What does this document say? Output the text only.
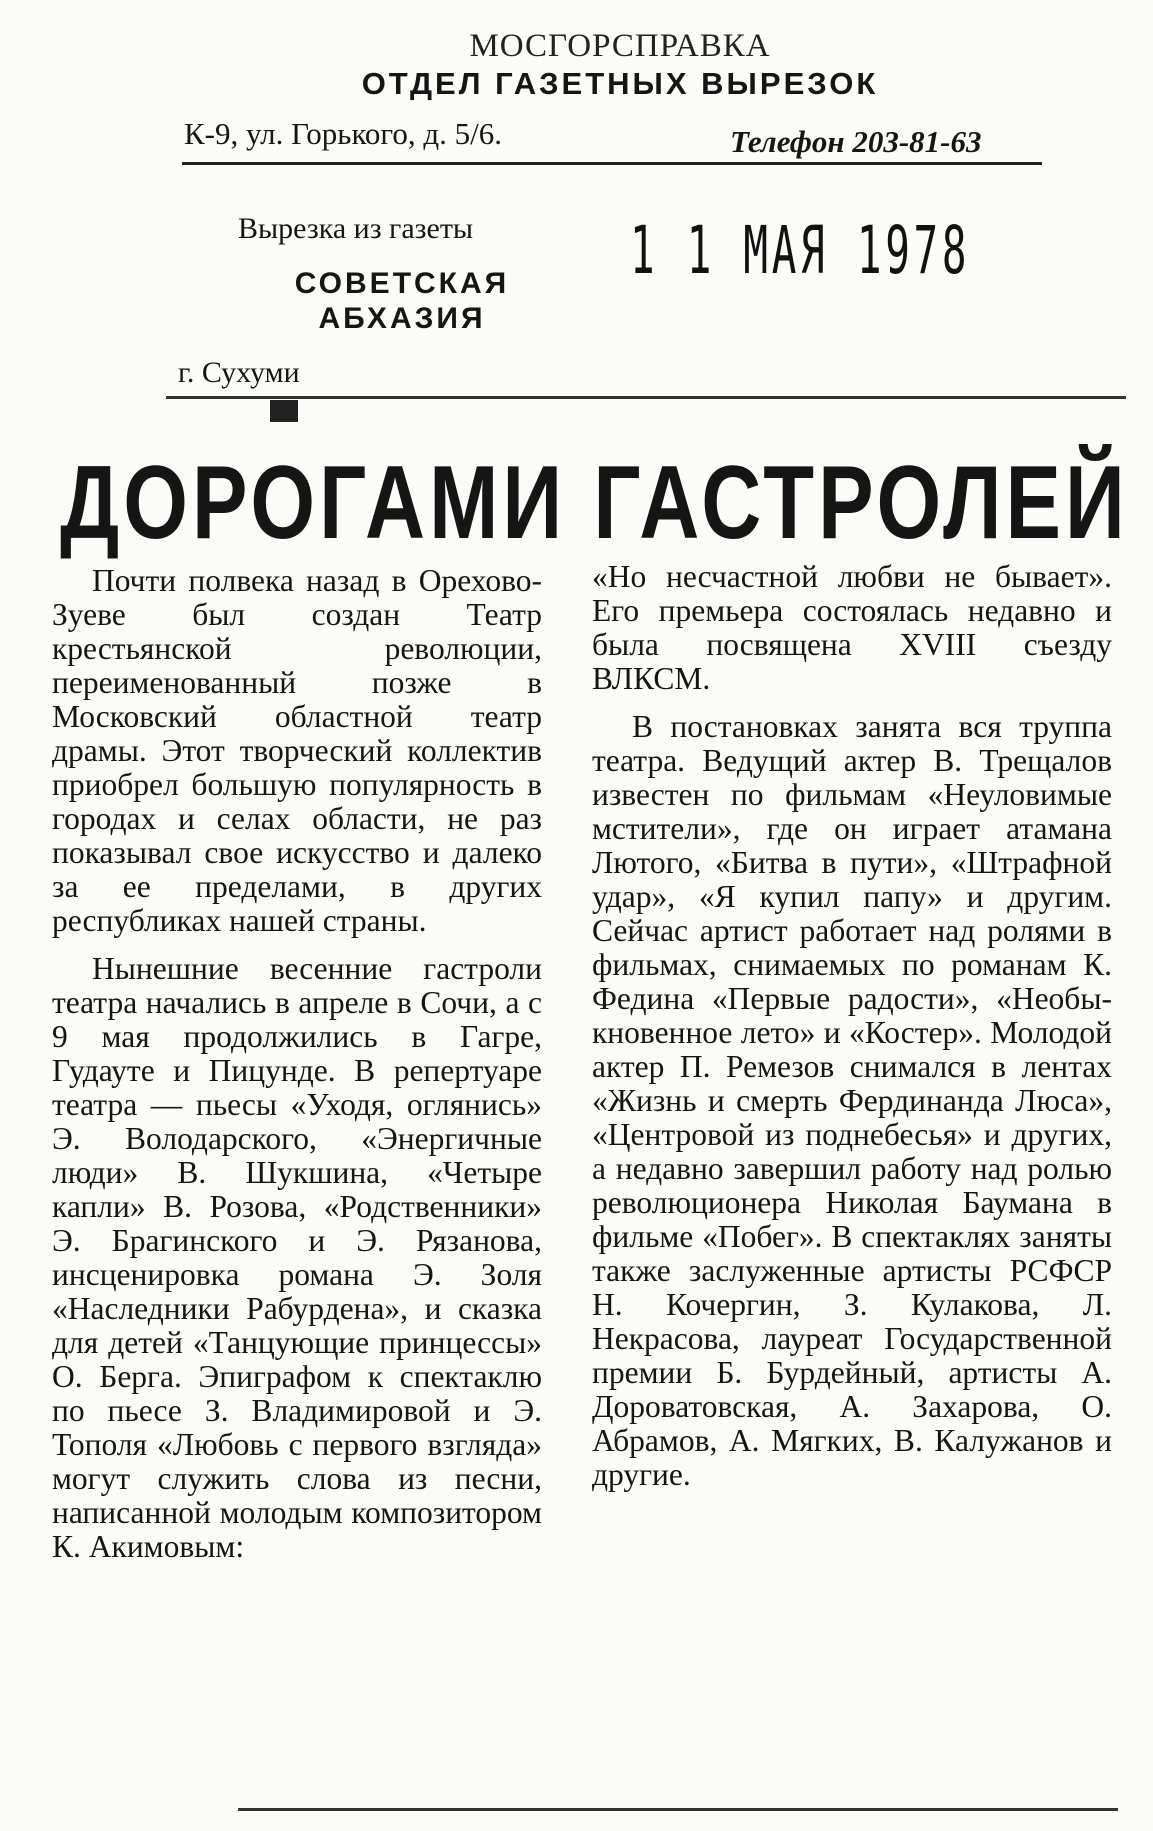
МОСГОРСПРАВКА
ОТДЕЛ ГАЗЕТНЫХ ВЫРЕЗОК
К-9, ул. Горького, д. 5/6.	Телефон 203-81-63
Вырезка из газеты
СОВЕТСКАЯ АБХАЗИЯ
1 1 МАЯ 1978
г. Сухуми
ДОРОГАМИ ГАСТРОЛЕЙ

Почти полвека назад в Орехово-Зуеве был создан Театр крестьянской революции, переименованный позже в Московский областной театр драмы. Этот творческий коллектив приобрел большую популярность в городах и селах области, не раз показывал свое искусство и далеко за ее пределами, в других республиках нашей страны.

Нынешние весенние гастроли театра начались в апреле в Сочи, а с 9 мая продолжились в Гагре, Гудауте и Пицунде. В репертуаре театра — пьесы «Уходя, оглянись» Э. Володарского, «Энергичные люди» В. Шукшина, «Четыре капли» В. Розова, «Родственники» Э. Брагинского и Э. Рязанова, инсценировка романа Э. Золя «Наследники Рабурдена», и сказка для детей «Танцующие принцессы» О. Берга. Эпиграфом к спектаклю по пьесе З. Владимировой и Э. Тополя «Любовь с первого взгляда» могут служить слова из песни, написанной молодым композитором К. Акимовым:

«Но несчастной любви не бывает». Его премьера состоялась недавно и была посвящена XVIII съезду ВЛКСМ.

В постановках занята вся труппа театра. Ведущий актер В. Трещалов известен по фильмам «Неуловимые мстители», где он играет атамана Лютого, «Битва в пути», «Штрафной удар», «Я купил папу» и другим. Сейчас артист работает над ролями в фильмах, снимаемых по романам К. Федина «Первые радости», «Необыкновенное лето» и «Костер». Молодой актер П. Ремезов снимался в лентах «Жизнь и смерть Фердинанда Люса», «Центровой из поднебесья» и других, а недавно завершил работу над ролью революционера Николая Баумана в фильме «Побег». В спектаклях заняты также заслуженные артисты РСФСР Н. Кочергин, З. Кулакова, Л. Некрасова, лауреат Государственной премии Б. Бурдейный, артисты А. Дороватовская, А. Захарова, О. Абрамов, А. Мягких, В. Калужанов и другие.
